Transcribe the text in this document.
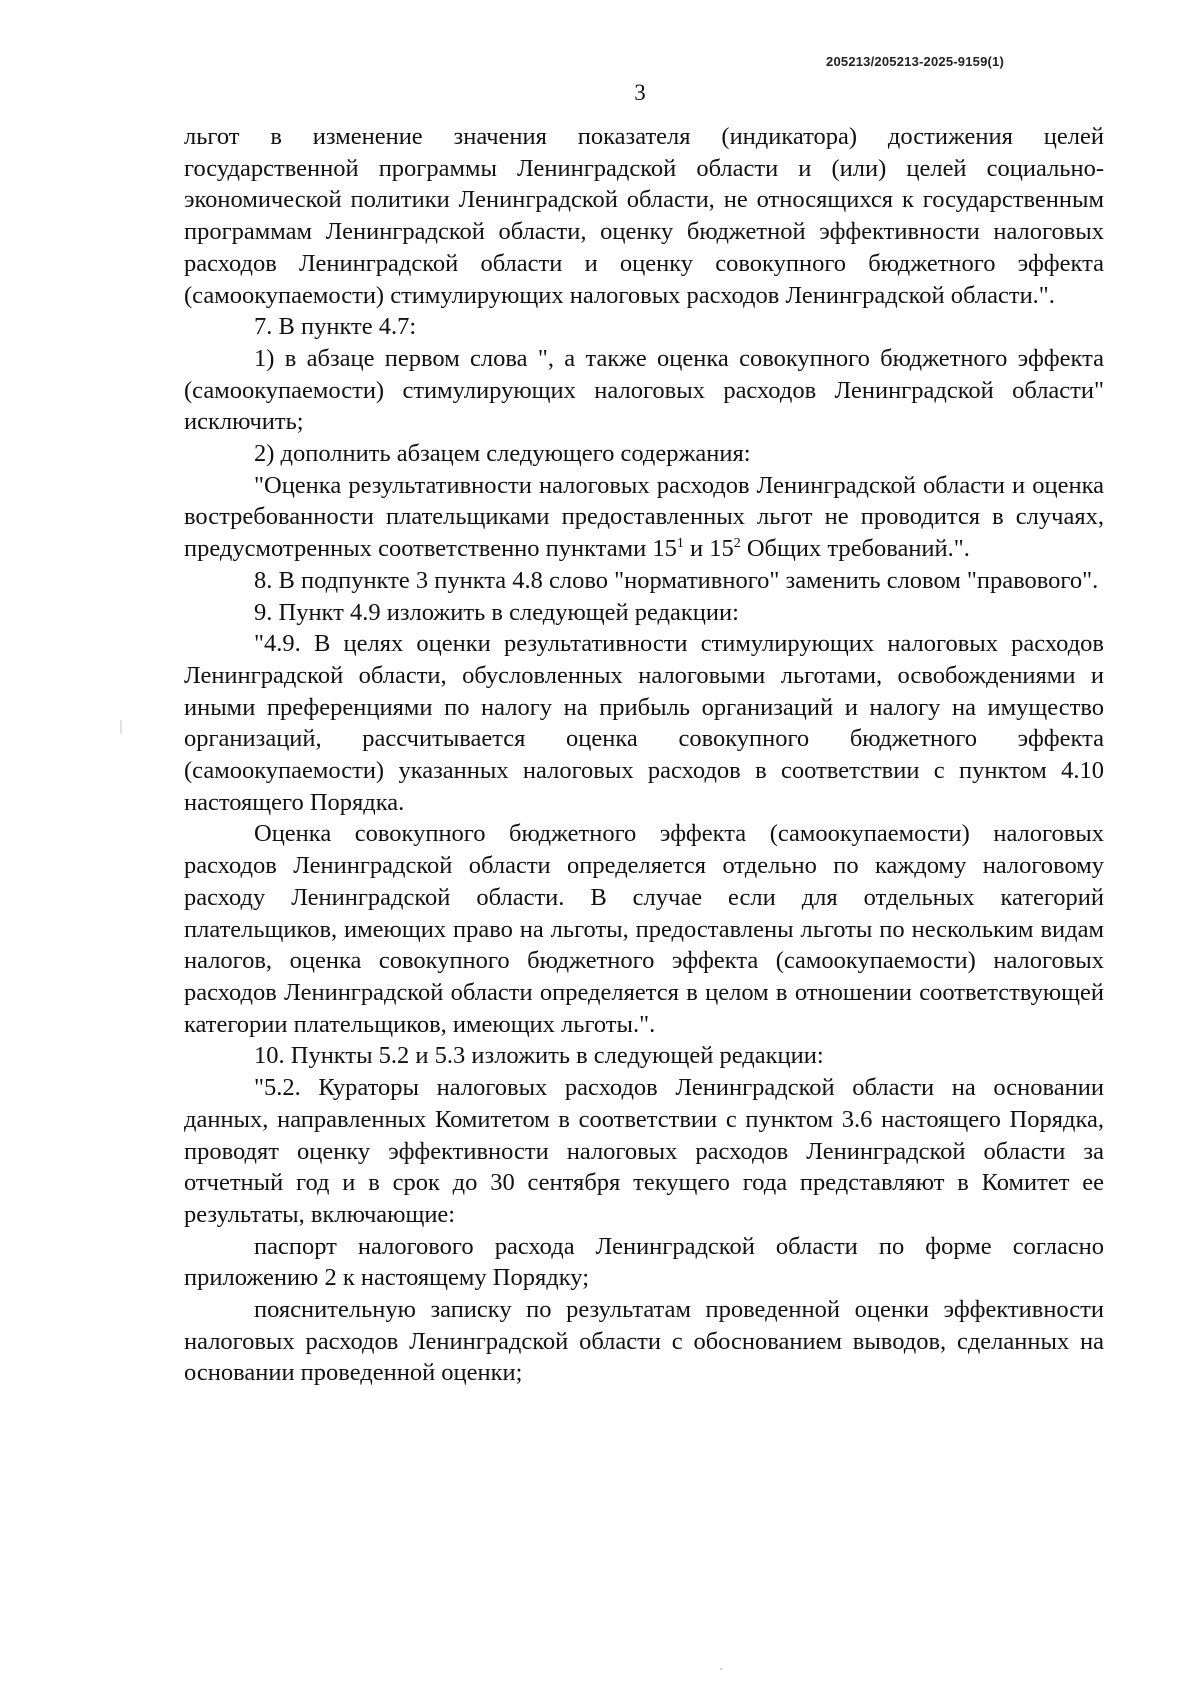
205213/205213-2025-9159(1)
3

льгот в изменение значения показателя (индикатора) достижения целей государственной программы Ленинградской области и (или) целей социально-экономической политики Ленинградской области, не относящихся к государственным программам Ленинградской области, оценку бюджетной эффективности налоговых расходов Ленинградской области и оценку совокупного бюджетного эффекта (самоокупаемости) стимулирующих налоговых расходов Ленинградской области.".

7. В пункте 4.7:

1) в абзаце первом слова ", а также оценка совокупного бюджетного эффекта (самоокупаемости) стимулирующих налоговых расходов Ленинградской области" исключить;

2) дополнить абзацем следующего содержания:

"Оценка результативности налоговых расходов Ленинградской области и оценка востребованности плательщиками предоставленных льгот не проводится в случаях, предусмотренных соответственно пунктами $15^1$ и $15^2$ Общих требований.".

8. В подпункте 3 пункта 4.8 слово "нормативного" заменить словом "правового".

9. Пункт 4.9 изложить в следующей редакции:

"4.9. В целях оценки результативности стимулирующих налоговых расходов Ленинградской области, обусловленных налоговыми льготами, освобождениями и иными преференциями по налогу на прибыль организаций и налогу на имущество организаций, рассчитывается оценка совокупного бюджетного эффекта (самоокупаемости) указанных налоговых расходов в соответствии с пунктом 4.10 настоящего Порядка.

Оценка совокупного бюджетного эффекта (самоокупаемости) налоговых расходов Ленинградской области определяется отдельно по каждому налоговому расходу Ленинградской области. В случае если для отдельных категорий плательщиков, имеющих право на льготы, предоставлены льготы по нескольким видам налогов, оценка совокупного бюджетного эффекта (самоокупаемости) налоговых расходов Ленинградской области определяется в целом в отношении соответствующей категории плательщиков, имеющих льготы.".

10. Пункты 5.2 и 5.3 изложить в следующей редакции:

"5.2. Кураторы налоговых расходов Ленинградской области на основании данных, направленных Комитетом в соответствии с пунктом 3.6 настоящего Порядка, проводят оценку эффективности налоговых расходов Ленинградской области за отчетный год и в срок до 30 сентября текущего года представляют в Комитет ее результаты, включающие:

паспорт налогового расхода Ленинградской области по форме согласно приложению 2 к настоящему Порядку;

пояснительную записку по результатам проведенной оценки эффективности налоговых расходов Ленинградской области с обоснованием выводов, сделанных на основании проведенной оценки;
